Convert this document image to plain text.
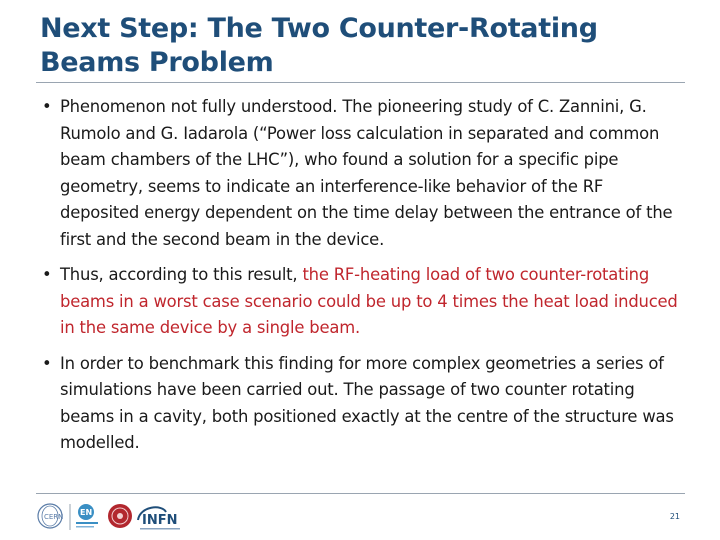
Next Step: The Two Counter-Rotating Beams Problem

• Phenomenon not fully understood. The pioneering study of C. Zannini, G. Rumolo and G. Iadarola (“Power loss calculation in separated and common beam chambers of the LHC”), who found a solution for a specific pipe geometry, seems to indicate an interference-like behavior of the RF deposited energy dependent on the time delay between the entrance of the first and the second beam in the device.

• Thus, according to this result, the RF-heating load of two counter-rotating beams in a worst case scenario could be up to 4 times the heat load induced in the same device by a single beam.

• In order to benchmark this finding for more complex geometries a series of simulations have been carried out. The passage of two counter rotating beams in a cavity, both positioned exactly at the centre of the structure was modelled.

CERN EN
INFN	21
